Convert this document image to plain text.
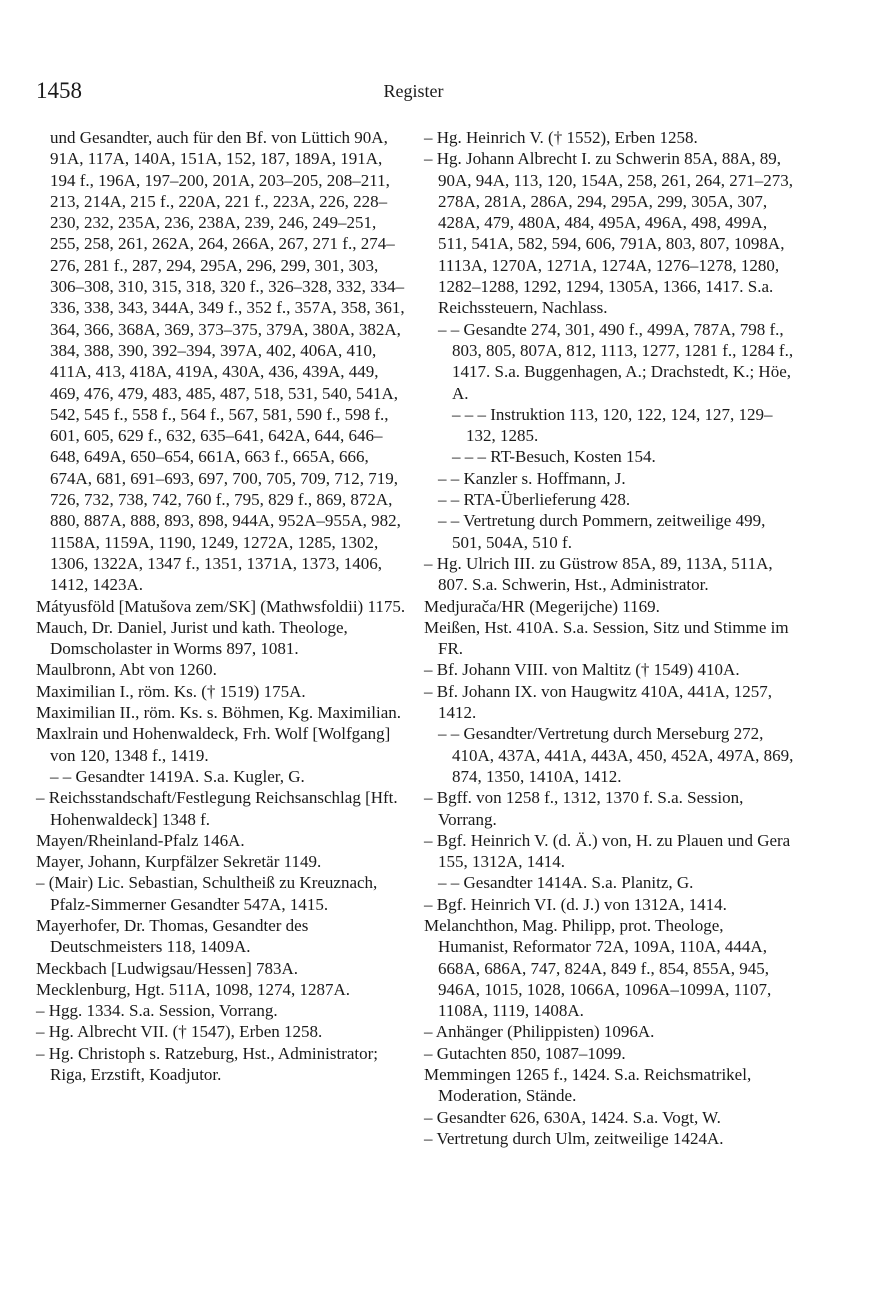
1458	Register

und Gesandter, auch für den Bf. von Lüttich 90A, 91A, 117A, 140A, 151A, 152, 187, 189A, 191A, 194 f., 196A, 197–200, 201A, 203–205, 208–211, 213, 214A, 215 f., 220A, 221 f., 223A, 226, 228–230, 232, 235A, 236, 238A, 239, 246, 249–251, 255, 258, 261, 262A, 264, 266A, 267, 271 f., 274–276, 281 f., 287, 294, 295A, 296, 299, 301, 303, 306–308, 310, 315, 318, 320 f., 326–328, 332, 334–336, 338, 343, 344A, 349 f., 352 f., 357A, 358, 361, 364, 366, 368A, 369, 373–375, 379A, 380A, 382A, 384, 388, 390, 392–394, 397A, 402, 406A, 410, 411A, 413, 418A, 419A, 430A, 436, 439A, 449, 469, 476, 479, 483, 485, 487, 518, 531, 540, 541A, 542, 545 f., 558 f., 564 f., 567, 581, 590 f., 598 f., 601, 605, 629 f., 632, 635–641, 642A, 644, 646–648, 649A, 650–654, 661A, 663 f., 665A, 666, 674A, 681, 691–693, 697, 700, 705, 709, 712, 719, 726, 732, 738, 742, 760 f., 795, 829 f., 869, 872A, 880, 887A, 888, 893, 898, 944A, 952A–955A, 982, 1158A, 1159A, 1190, 1249, 1272A, 1285, 1302, 1306, 1322A, 1347 f., 1351, 1371A, 1373, 1406, 1412, 1423A.

Mátyusföld [Matušova zem/SK] (Mathwsfoldii) 1175.

Mauch, Dr. Daniel, Jurist und kath. Theologe, Domscholaster in Worms 897, 1081.

Maulbronn, Abt von 1260.

Maximilian I., röm. Ks. († 1519) 175A.

Maximilian II., röm. Ks. s. Böhmen, Kg. Maximilian.

Maxlrain und Hohenwaldeck, Frh. Wolf [Wolfgang] von 120, 1348 f., 1419.

– – Gesandter 1419A. S.a. Kugler, G.

– Reichsstandschaft/Festlegung Reichsanschlag [Hft. Hohenwaldeck] 1348 f.

Mayen/Rheinland-Pfalz 146A.

Mayer, Johann, Kurpfälzer Sekretär 1149.

– (Mair) Lic. Sebastian, Schultheiß zu Kreuznach, Pfalz-Simmerner Gesandter 547A, 1415.

Mayerhofer, Dr. Thomas, Gesandter des Deutschmeisters 118, 1409A.

Meckbach [Ludwigsau/Hessen] 783A.

Mecklenburg, Hgt. 511A, 1098, 1274, 1287A.

– Hgg. 1334. S.a. Session, Vorrang.

– Hg. Albrecht VII. († 1547), Erben 1258.

– Hg. Christoph s. Ratzeburg, Hst., Administrator; Riga, Erzstift, Koadjutor.

– Hg. Heinrich V. († 1552), Erben 1258.

– Hg. Johann Albrecht I. zu Schwerin 85A, 88A, 89, 90A, 94A, 113, 120, 154A, 258, 261, 264, 271–273, 278A, 281A, 286A, 294, 295A, 299, 305A, 307, 428A, 479, 480A, 484, 495A, 496A, 498, 499A, 511, 541A, 582, 594, 606, 791A, 803, 807, 1098A, 1113A, 1270A, 1271A, 1274A, 1276–1278, 1280, 1282–1288, 1292, 1294, 1305A, 1366, 1417. S.a. Reichssteuern, Nachlass.

– – Gesandte 274, 301, 490 f., 499A, 787A, 798 f., 803, 805, 807A, 812, 1113, 1277, 1281 f., 1284 f., 1417. S.a. Buggenhagen, A.; Drachstedt, K.; Höe, A.

– – – Instruktion 113, 120, 122, 124, 127, 129–132, 1285.

– – – RT-Besuch, Kosten 154.

– – Kanzler s. Hoffmann, J.

– – RTA-Überlieferung 428.

– – Vertretung durch Pommern, zeitweilige 499, 501, 504A, 510 f.

– Hg. Ulrich III. zu Güstrow 85A, 89, 113A, 511A, 807. S.a. Schwerin, Hst., Administrator.

Medjurača/HR (Megerijche) 1169.

Meißen, Hst. 410A. S.a. Session, Sitz und Stimme im FR.

– Bf. Johann VIII. von Maltitz († 1549) 410A.

– Bf. Johann IX. von Haugwitz 410A, 441A, 1257, 1412.

– – Gesandter/Vertretung durch Merseburg 272, 410A, 437A, 441A, 443A, 450, 452A, 497A, 869, 874, 1350, 1410A, 1412.

– Bgff. von 1258 f., 1312, 1370 f. S.a. Session, Vorrang.

– Bgf. Heinrich V. (d. Ä.) von, H. zu Plauen und Gera 155, 1312A, 1414.

– – Gesandter 1414A. S.a. Planitz, G.

– Bgf. Heinrich VI. (d. J.) von 1312A, 1414.

Melanchthon, Mag. Philipp, prot. Theologe, Humanist, Reformator 72A, 109A, 110A, 444A, 668A, 686A, 747, 824A, 849 f., 854, 855A, 945, 946A, 1015, 1028, 1066A, 1096A–1099A, 1107, 1108A, 1119, 1408A.

– Anhänger (Philippisten) 1096A.

– Gutachten 850, 1087–1099.

Memmingen 1265 f., 1424. S.a. Reichsmatrikel, Moderation, Stände.

– Gesandter 626, 630A, 1424. S.a. Vogt, W.

– Vertretung durch Ulm, zeitweilige 1424A.
